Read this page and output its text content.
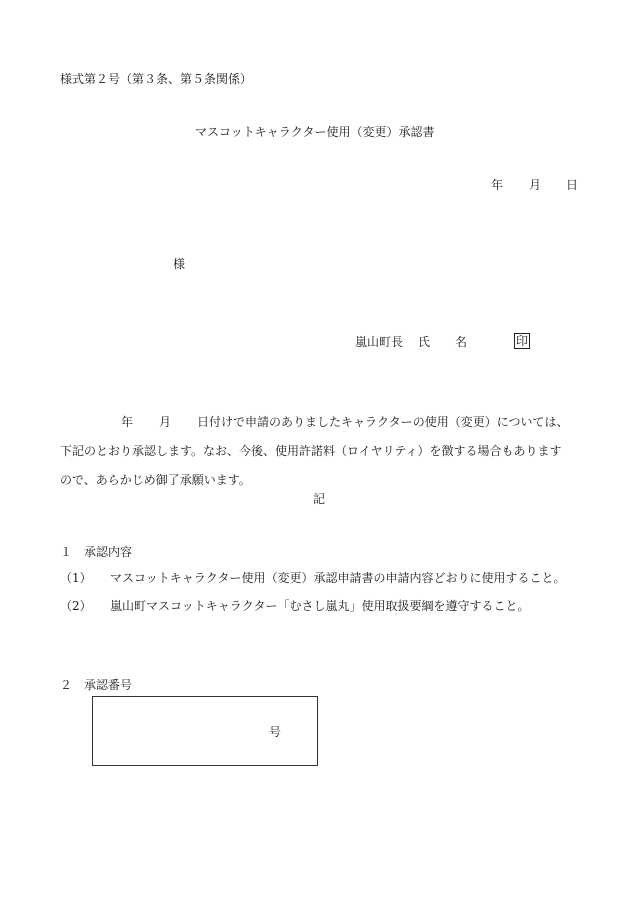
様式第２号（第３条、第５条関係）
マスコットキャラクター使用（変更）承認書
年 月 日
様
嵐山町長 氏 名	印
年 月 日付けで申請のありましたキャラクターの使用（変更）については、
下記のとおり承認します。なお、今後、使用許諾料（ロイヤリティ）を徴する場合もあります
ので、あらかじめ御了承願います。
記
１　承認内容
（1） マスコットキャラクター使用（変更）承認申請書の申請内容どおりに使用すること。
（2） 嵐山町マスコットキャラクター「むさし嵐丸」使用取扱要綱を遵守すること。
２　承認番号
号
